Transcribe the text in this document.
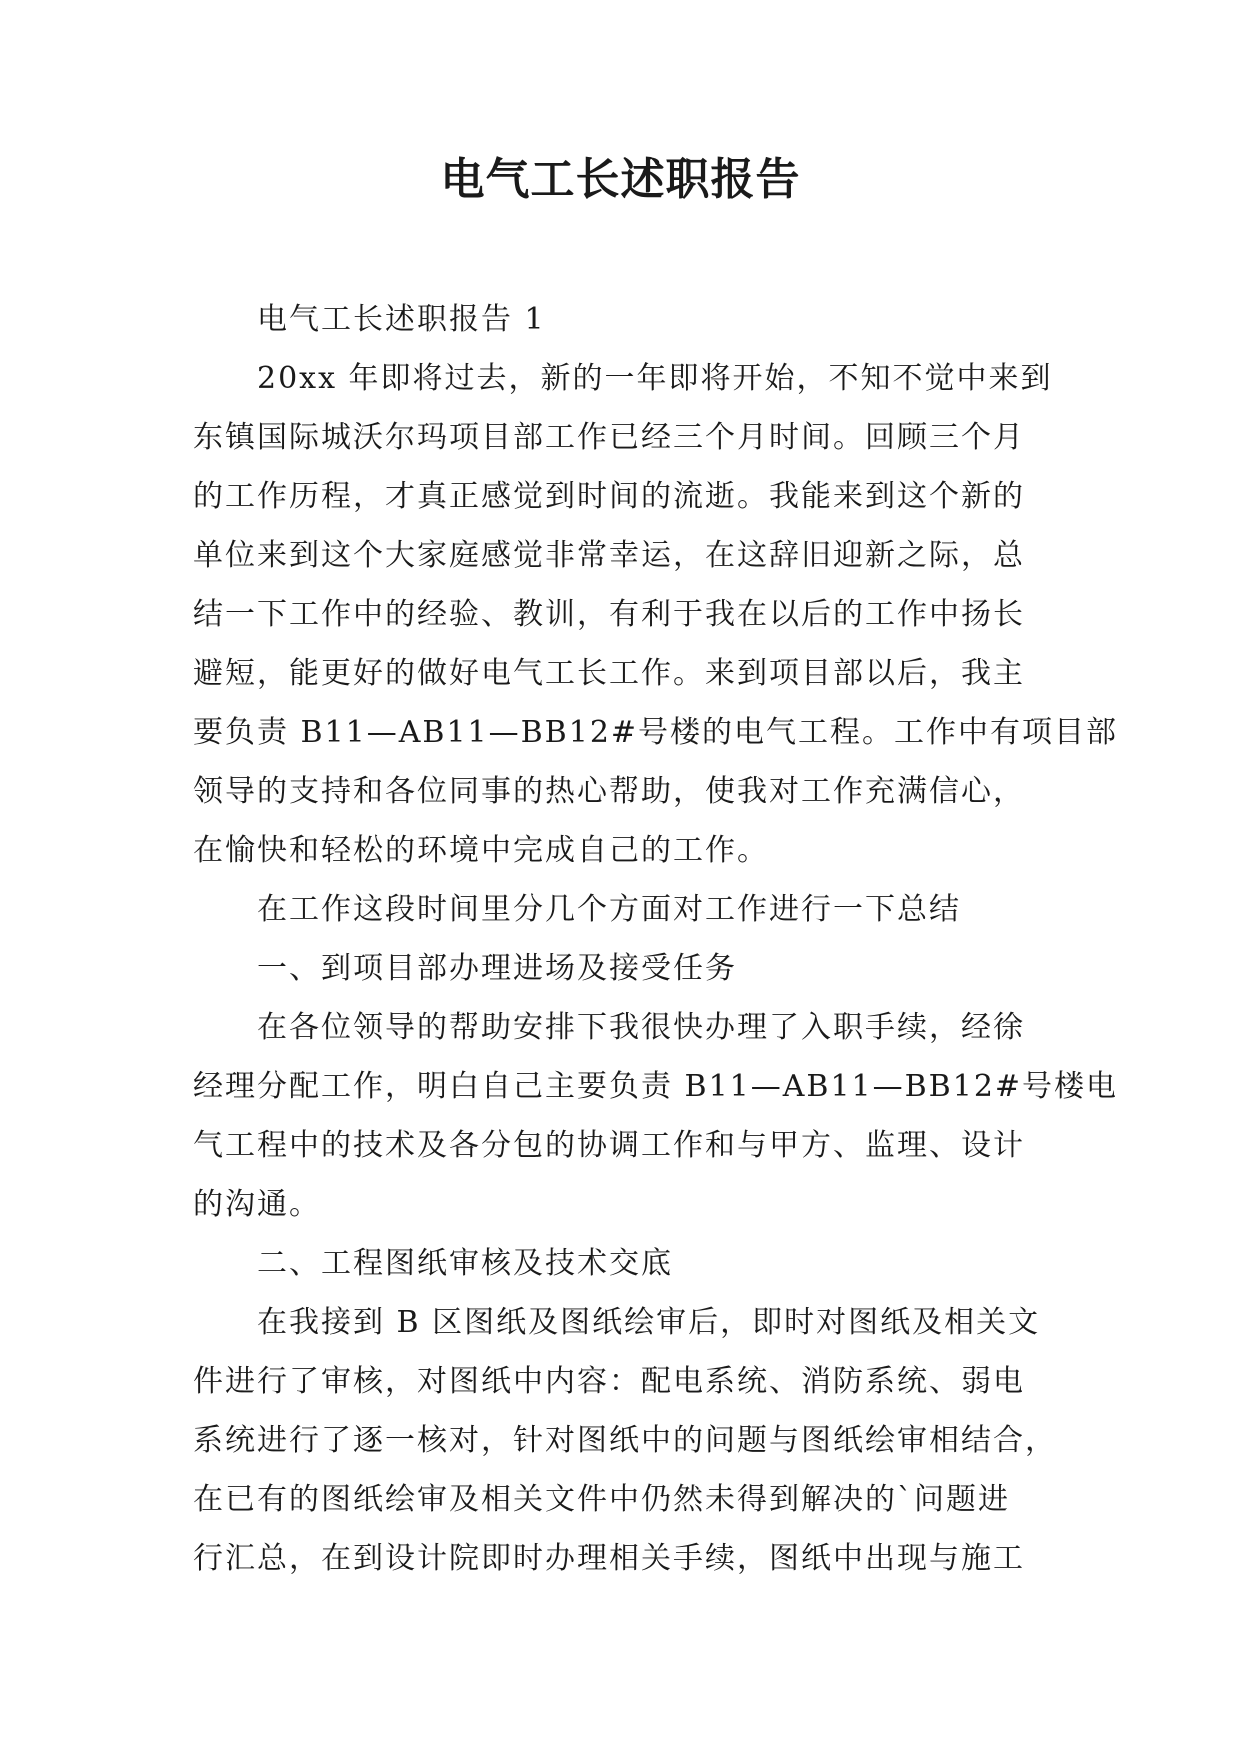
电气工长述职报告
电气工长述职报告 1
20xx 年即将过去，新的一年即将开始，不知不觉中来到
东镇国际城沃尔玛项目部工作已经三个月时间。回顾三个月
的工作历程，才真正感觉到时间的流逝。我能来到这个新的
单位来到这个大家庭感觉非常幸运，在这辞旧迎新之际，总
结一下工作中的经验、教训，有利于我在以后的工作中扬长
避短，能更好的做好电气工长工作。来到项目部以后，我主
要负责 B11—AB11—BB12#号楼的电气工程。工作中有项目部
领导的支持和各位同事的热心帮助，使我对工作充满信心，
在愉快和轻松的环境中完成自己的工作。
在工作这段时间里分几个方面对工作进行一下总结
一、到项目部办理进场及接受任务
在各位领导的帮助安排下我很快办理了入职手续，经徐
经理分配工作，明白自己主要负责 B11—AB11—BB12#号楼电
气工程中的技术及各分包的协调工作和与甲方、监理、设计
的沟通。
二、工程图纸审核及技术交底
在我接到 B 区图纸及图纸绘审后，即时对图纸及相关文
件进行了审核，对图纸中内容：配电系统、消防系统、弱电
系统进行了逐一核对，针对图纸中的问题与图纸绘审相结合，
在已有的图纸绘审及相关文件中仍然未得到解决的`问题进
行汇总，在到设计院即时办理相关手续，图纸中出现与施工
